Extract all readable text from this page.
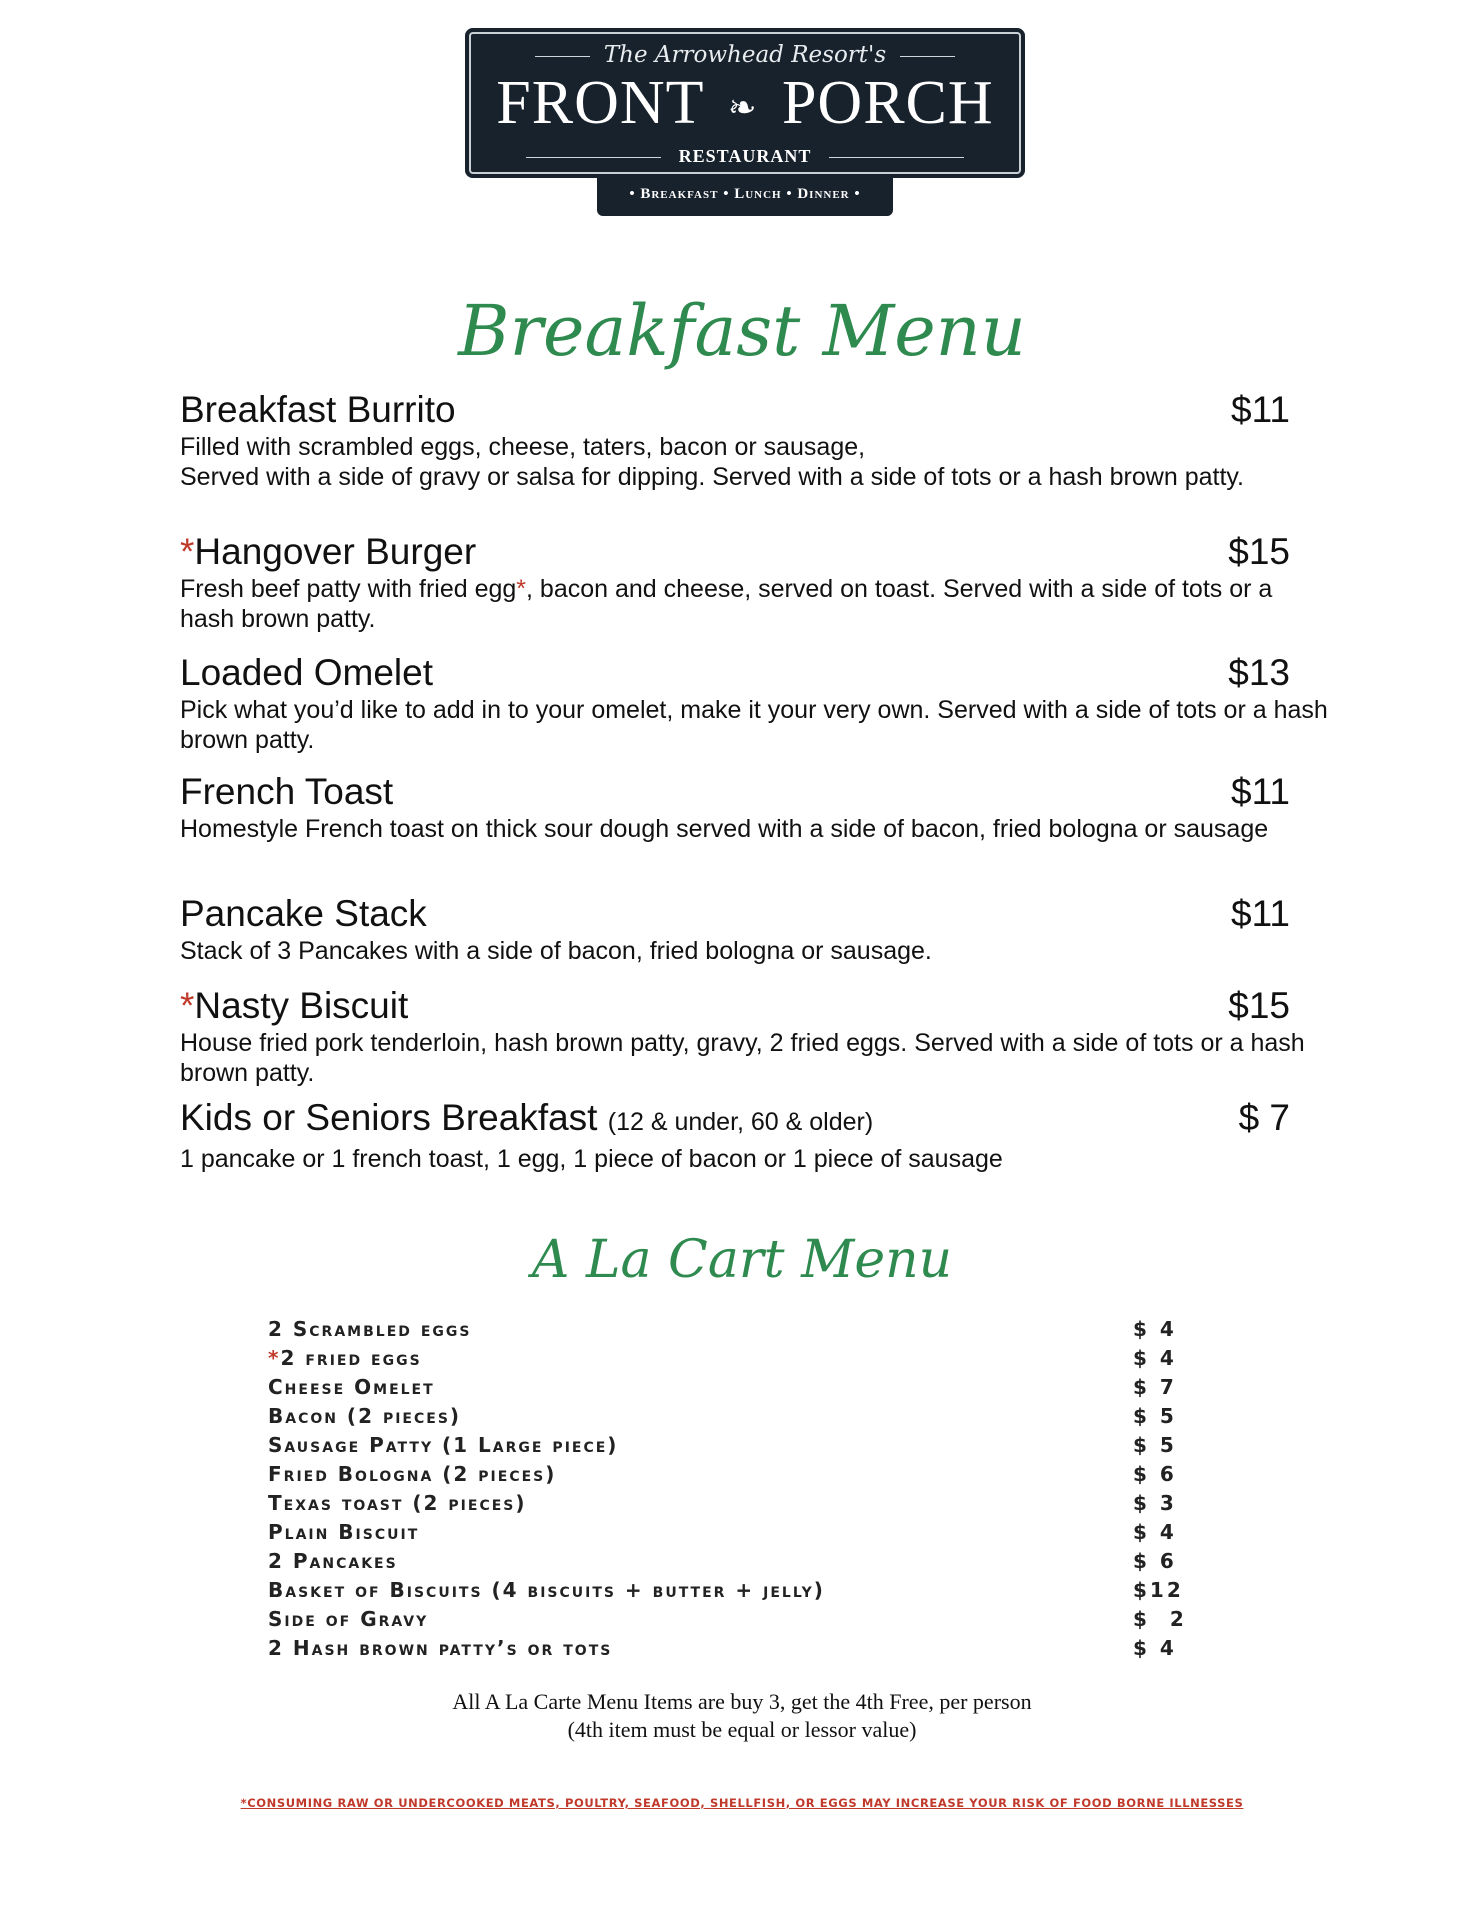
The Arrowhead Resort's
FRONT ❧ PORCH
RESTAURANT
• Breakfast • Lunch • Dinner •
Breakfast Menu
Breakfast Burrito	$11
Filled with scrambled eggs, cheese, taters, bacon or sausage,
Served with a side of gravy or salsa for dipping. Served with a side of tots or a hash brown patty.
*Hangover Burger	$15
Fresh beef patty with fried egg*, bacon and cheese, served on toast. Served with a side of tots or a hash brown patty.
Loaded Omelet	$13
Pick what you’d like to add in to your omelet, make it your very own. Served with a side of tots or a hash brown patty.
French Toast	$11
Homestyle French toast on thick sour dough served with a side of bacon, fried bologna or sausage
Pancake Stack	$11
Stack of 3 Pancakes with a side of bacon, fried bologna or sausage.
*Nasty Biscuit	$15
House fried pork tenderloin, hash brown patty, gravy, 2 fried eggs. Served with a side of tots or a hash brown patty.
Kids or Seniors Breakfast (12 & under, 60 & older)	$ 7
1 pancake or 1 french toast, 1 egg, 1 piece of bacon or 1 piece of sausage
A La Cart Menu
2 Scrambled eggs	$ 4
*2 fried eggs	$ 4
Cheese Omelet	$ 7
Bacon (2 pieces)	$ 5
Sausage Patty (1 Large piece)	$ 5
Fried Bologna (2 pieces)	$ 6
Texas toast (2 pieces)	$ 3
Plain Biscuit	$ 4
2 Pancakes	$ 6
Basket of Biscuits (4 biscuits + butter + jelly)	$12
Side of Gravy	$  2
2 Hash brown patty’s or tots	$ 4
All A La Carte Menu Items are buy 3, get the 4th Free, per person
(4th item must be equal or lessor value)
*CONSUMING RAW OR UNDERCOOKED MEATS, POULTRY, SEAFOOD, SHELLFISH, OR EGGS MAY INCREASE YOUR RISK OF FOOD BORNE ILLNESSES
